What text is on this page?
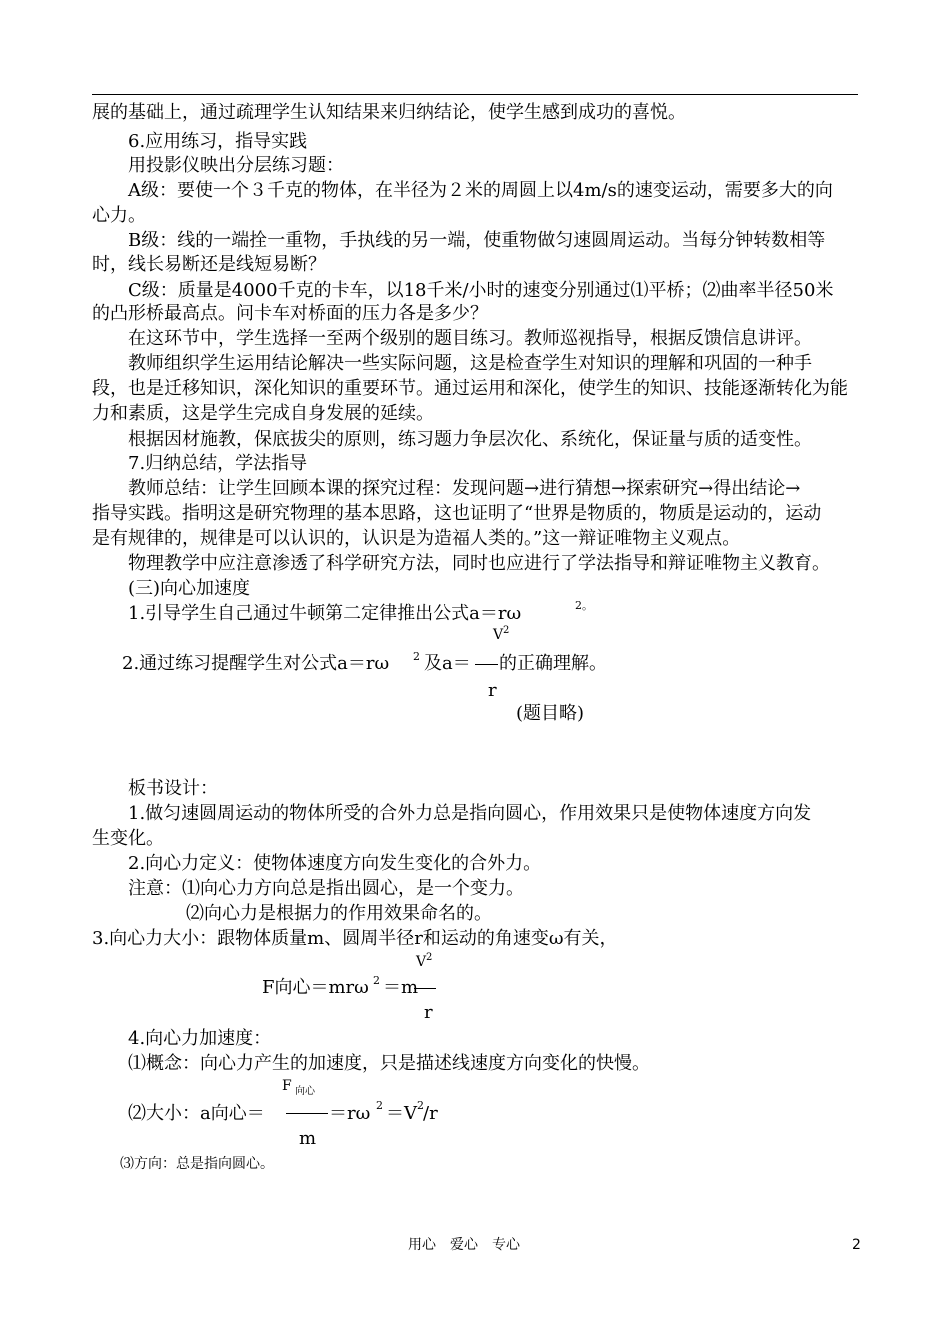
展的基础上，通过疏理学生认知结果来归纳结论，使学生感到成功的喜悦。
6.应用练习，指导实践
用投影仪映出分层练习题：
A级：要使一个３千克的物体，在半径为２米的周圆上以4m/s的速变运动，需要多大的向
心力。
B级：线的一端拴一重物，手执线的另一端，使重物做匀速圆周运动。当每分钟转数相等
时，线长易断还是线短易断？
C级：质量是4000千克的卡车，以18千米/小时的速变分别通过⑴平桥；⑵曲率半径50米
的凸形桥最高点。问卡车对桥面的压力各是多少？
在这环节中，学生选择一至两个级别的题目练习。教师巡视指导，根据反馈信息讲评。
教师组织学生运用结论解决一些实际问题，这是检查学生对知识的理解和巩固的一种手
段，也是迁移知识，深化知识的重要环节。通过运用和深化，使学生的知识、技能逐渐转化为能
力和素质，这是学生完成自身发展的延续。
根据因材施教，保底拔尖的原则，练习题力争层次化、系统化，保证量与质的适变性。
7.归纳总结，学法指导
教师总结：让学生回顾本课的探究过程：发现问题→进行猜想→探索研究→得出结论→
指导实践。指明这是研究物理的基本思路，这也证明了“世界是物质的，物质是运动的，运动
是有规律的，规律是可以认识的，认识是为造福人类的。”这一辩证唯物主义观点。
物理教学中应注意渗透了科学研究方法，同时也应进行了学法指导和辩证唯物主义教育。
(三)向心加速度
1.引导学生自己通过牛顿第二定律推出公式a＝rω	2。
V 2
2.通过练习提醒学生对公式a＝rω 2 及a＝ 的正确理解。
r
(题目略)
板书设计：
1.做匀速圆周运动的物体所受的合外力总是指向圆心，作用效果只是使物体速度方向发
生变化。
2.向心力定义：使物体速度方向发生变化的合外力。
注意：⑴向心力方向总是指出圆心，是一个变力。
⑵向心力是根据力的作用效果命名的。
3.向心力大小：跟物体质量m、圆周半径r和运动的角速变ω有关，
V 2
F向心＝mrω 2 ＝m
r
4.向心力加速度：
⑴概念：向心力产生的加速度，只是描述线速度方向变化的快慢。
F 向心
⑵大小：a向心＝	＝rω 2 ＝V 2 /r
m
⑶方向：总是指向圆心。
用心　爱心　专心	2
